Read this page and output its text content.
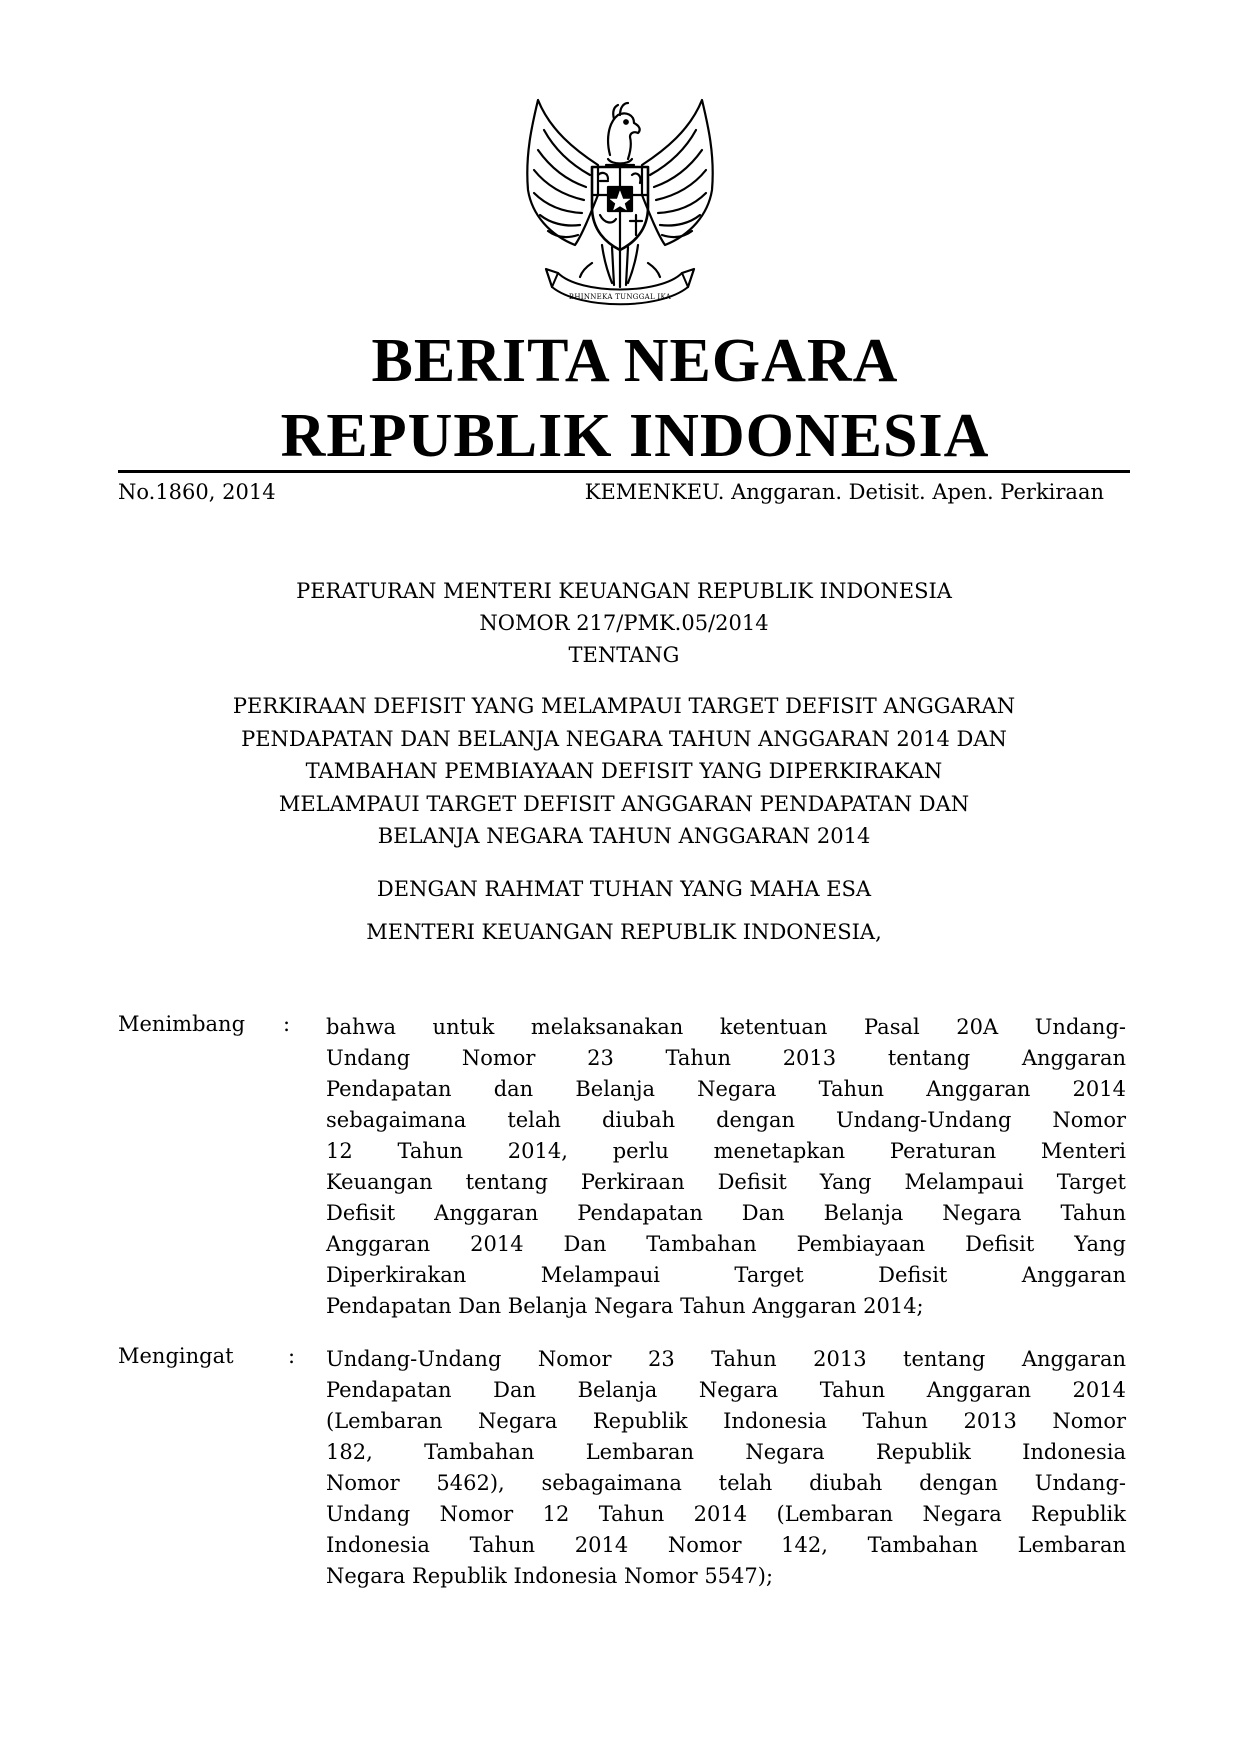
BHINNEKA TUNGGAL IKA
BERITA NEGARA
REPUBLIK INDONESIA
No.1860, 2014	KEMENKEU. Anggaran. Detisit. Apen. Perkiraan
PERATURAN MENTERI KEUANGAN REPUBLIK INDONESIA
NOMOR 217/PMK.05/2014
TENTANG
PERKIRAAN DEFISIT YANG MELAMPAUI TARGET DEFISIT ANGGARAN
PENDAPATAN DAN BELANJA NEGARA TAHUN ANGGARAN 2014 DAN
TAMBAHAN PEMBIAYAAN DEFISIT YANG DIPERKIRAKAN
MELAMPAUI TARGET DEFISIT ANGGARAN PENDAPATAN DAN
BELANJA NEGARA TAHUN ANGGARAN 2014
DENGAN RAHMAT TUHAN YANG MAHA ESA
MENTERI KEUANGAN REPUBLIK INDONESIA,
Menimbang : bahwa untuk melaksanakan ketentuan Pasal 20A Undang-
Undang Nomor 23 Tahun 2013 tentang Anggaran
Pendapatan dan Belanja Negara Tahun Anggaran 2014
sebagaimana telah diubah dengan Undang-Undang Nomor
12 Tahun 2014, perlu menetapkan Peraturan Menteri
Keuangan tentang Perkiraan Defisit Yang Melampaui Target
Defisit Anggaran Pendapatan Dan Belanja Negara Tahun
Anggaran 2014 Dan Tambahan Pembiayaan Defisit Yang
Diperkirakan Melampaui Target Defisit Anggaran
Pendapatan Dan Belanja Negara Tahun Anggaran 2014;
Mengingat	: Undang-Undang Nomor 23 Tahun 2013 tentang Anggaran
Pendapatan Dan Belanja Negara Tahun Anggaran 2014
(Lembaran Negara Republik Indonesia Tahun 2013 Nomor
182, Tambahan Lembaran Negara Republik Indonesia
Nomor 5462), sebagaimana telah diubah dengan Undang-
Undang Nomor 12 Tahun 2014 (Lembaran Negara Republik
Indonesia Tahun 2014 Nomor 142, Tambahan Lembaran
Negara Republik Indonesia Nomor 5547);
